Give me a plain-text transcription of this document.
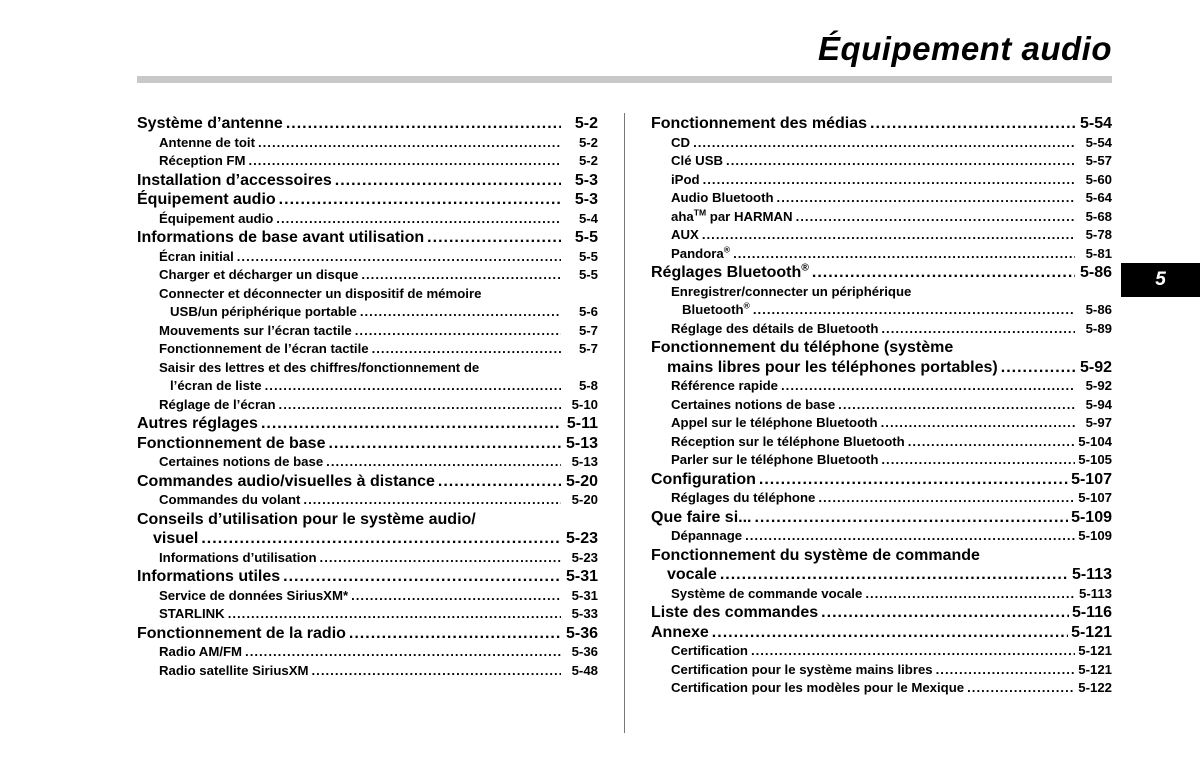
Équipement audio
5
Système d’antenne .....	5-2
Antenne de toit .....	5-2
Réception FM .....	5-2
Installation d’accessoires .....	5-3
Équipement audio .....	5-3
Équipement audio .....	5-4
Informations de base avant utilisation .....	5-5
Écran initial .....	5-5
Charger et décharger un disque .....	5-5
Connecter et déconnecter un dispositif de mémoire
USB/un périphérique portable .....	5-6
Mouvements sur l’écran tactile .....	5-7
Fonctionnement de l’écran tactile .....	5-7
Saisir des lettres et des chiffres/fonctionnement de
l’écran de liste .....	5-8
Réglage de l’écran .....	5-10
Autres réglages .....	5-11
Fonctionnement de base .....	5-13
Certaines notions de base .....	5-13
Commandes audio/visuelles à distance .....	5-20
Commandes du volant .....	5-20
Conseils d’utilisation pour le système audio/
visuel .....	5-23
Informations d’utilisation .....	5-23
Informations utiles .....	5-31
Service de données SiriusXM* .....	5-31
STARLINK .....	5-33
Fonctionnement de la radio .....	5-36
Radio AM/FM .....	5-36
Radio satellite SiriusXM .....	5-48
Fonctionnement des médias .....	5-54
CD .....	5-54
Clé USB .....	5-57
iPod .....	5-60
Audio Bluetooth .....	5-64
aha™ par HARMAN .....	5-68
AUX .....	5-78
Pandora® .....	5-81
Réglages Bluetooth® .....	5-86
Enregistrer/connecter un périphérique
Bluetooth® .....	5-86
Réglage des détails de Bluetooth .....	5-89
Fonctionnement du téléphone (système
mains libres pour les téléphones portables) .....	5-92
Référence rapide .....	5-92
Certaines notions de base .....	5-94
Appel sur le téléphone Bluetooth .....	5-97
Réception sur le téléphone Bluetooth .....	5-104
Parler sur le téléphone Bluetooth .....	5-105
Configuration .....	5-107
Réglages du téléphone .....	5-107
Que faire si... .....	5-109
Dépannage .....	5-109
Fonctionnement du système de commande
vocale .....	5-113
Système de commande vocale .....	5-113
Liste des commandes .....	5-116
Annexe .....	5-121
Certification .....	5-121
Certification pour le système mains libres .....	5-121
Certification pour les modèles pour le Mexique .....	5-122
